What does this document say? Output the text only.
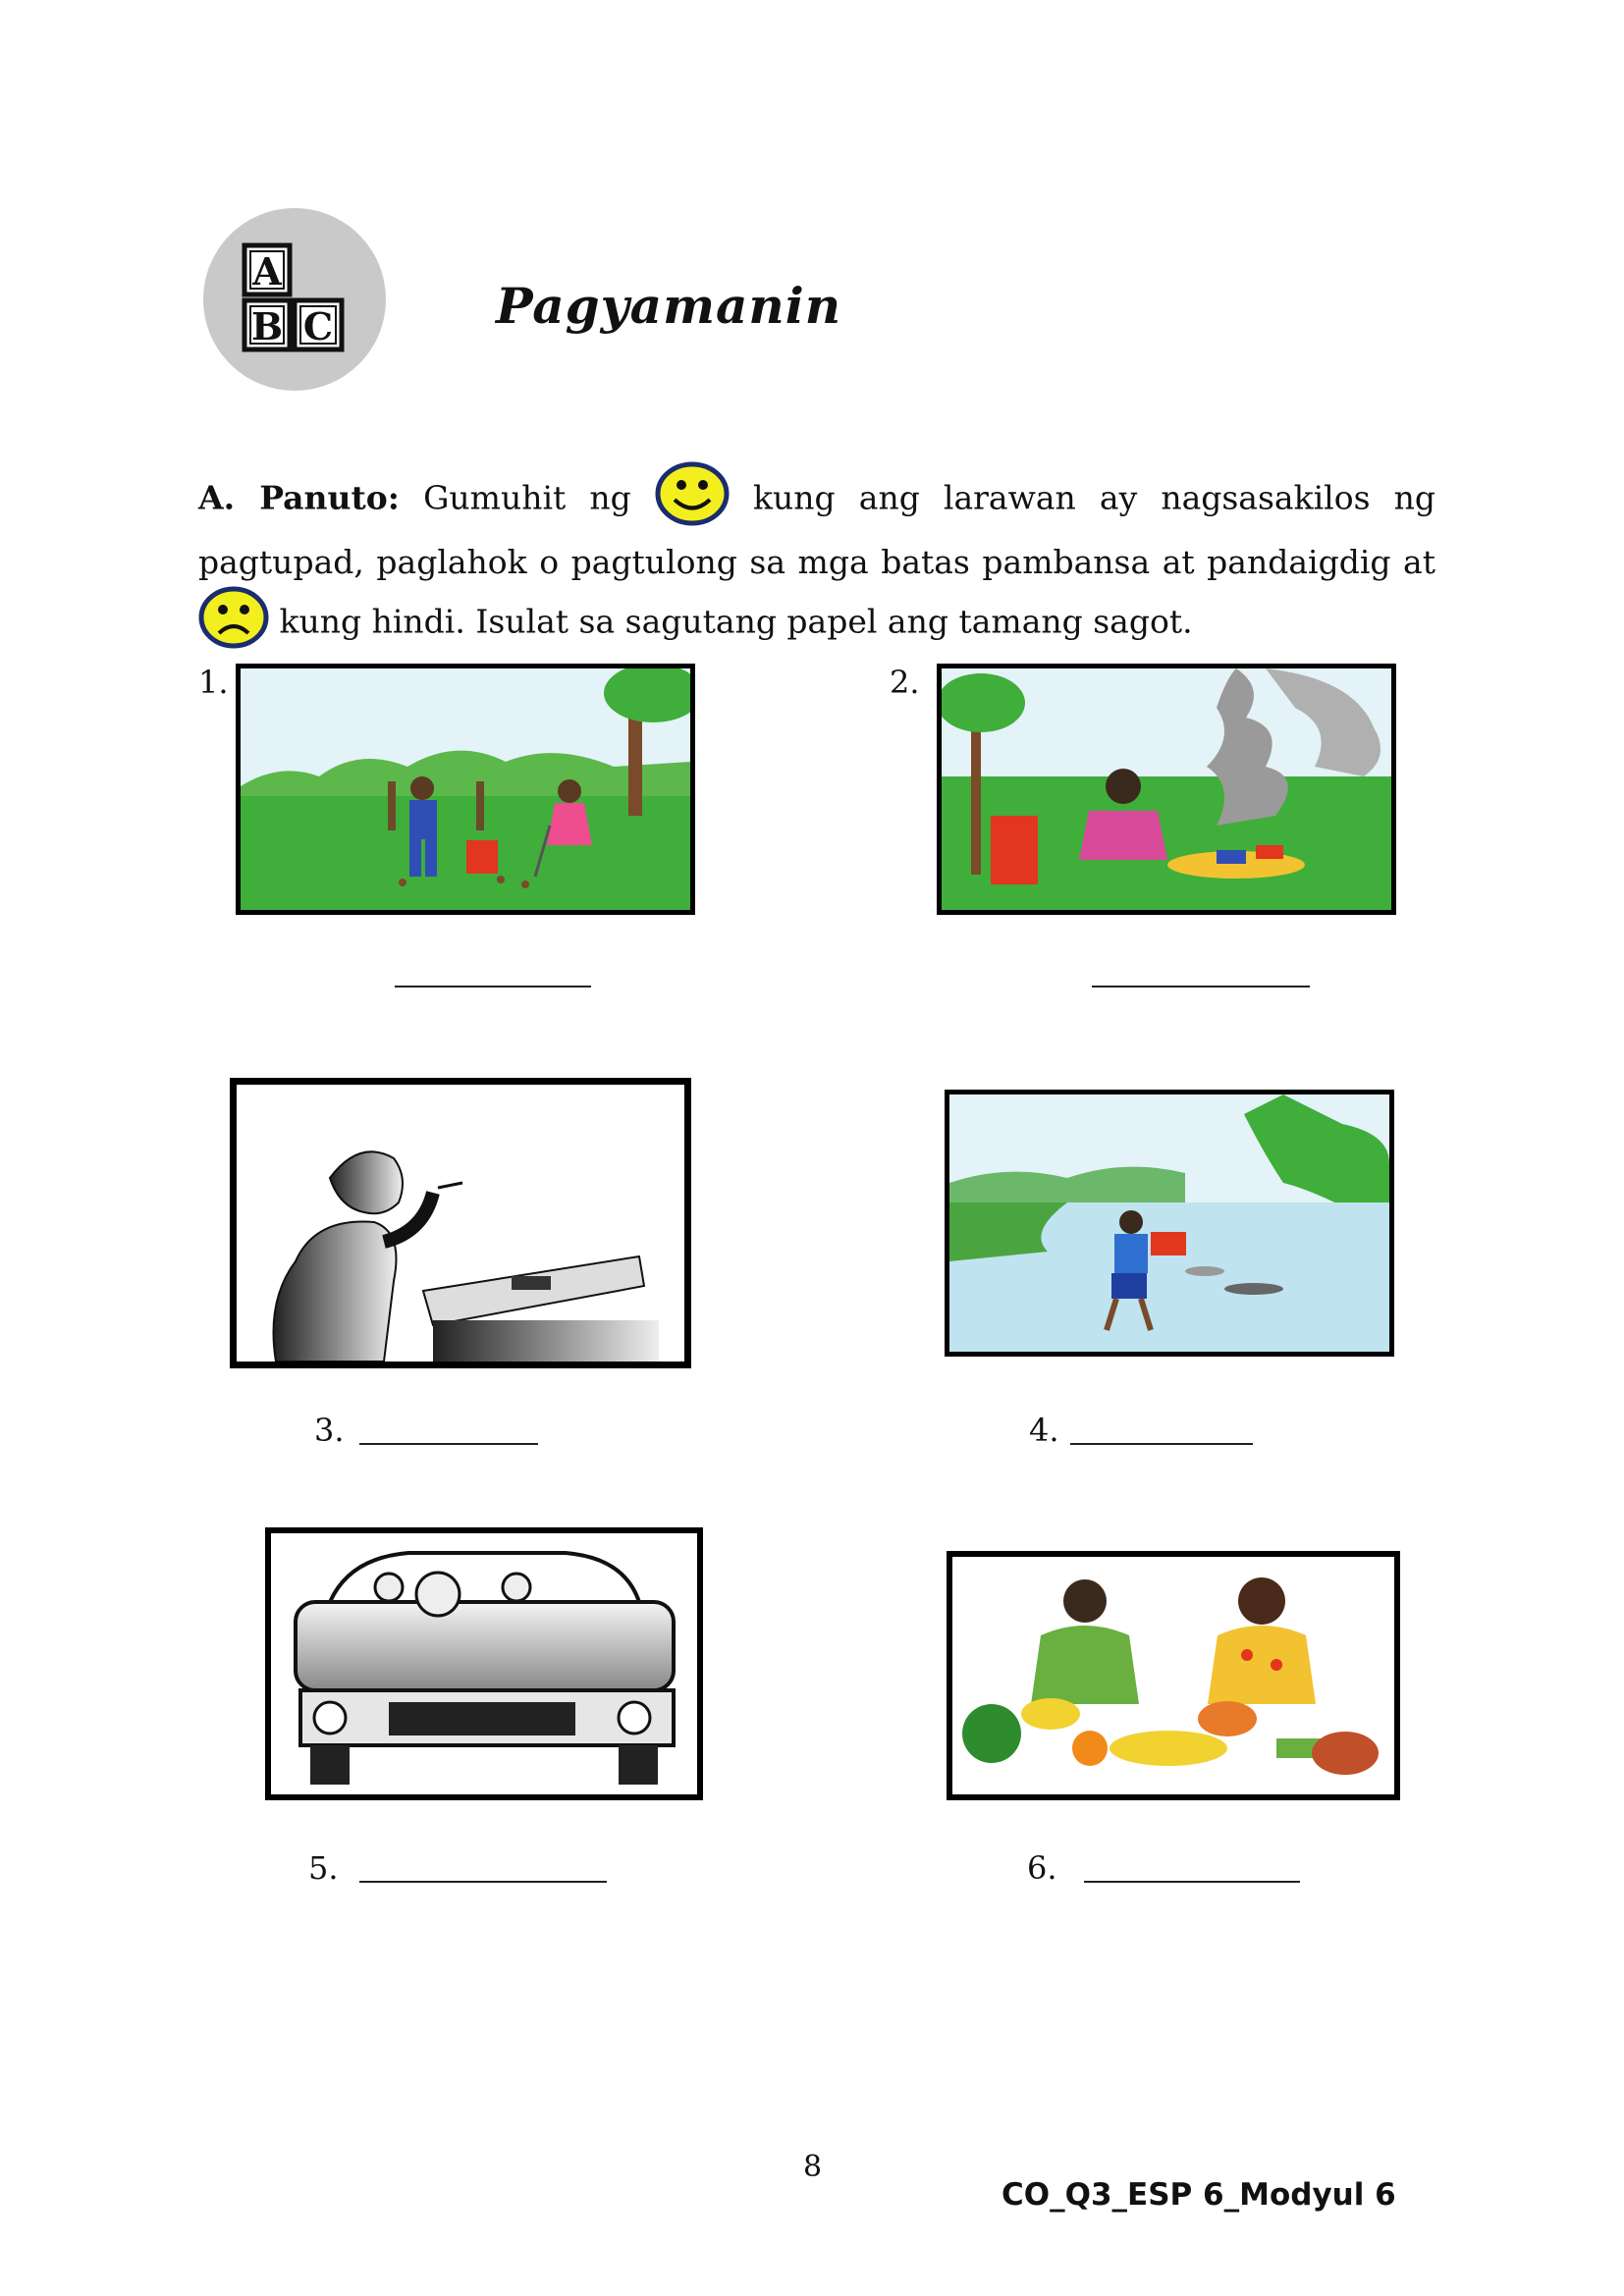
A
B C	Pagyamanin
A. Panuto: Gumuhit ng	kung ang larawan ay nagsasakilos ng pagtupad, paglahok o pagtulong sa mga batas pambansa at pandaigdig at  kung hindi. Isulat sa sagutang papel ang tamang sagot.
1.	2.
3.	4.
5.	6.
8
CO_Q3_ESP 6_Modyul 6
